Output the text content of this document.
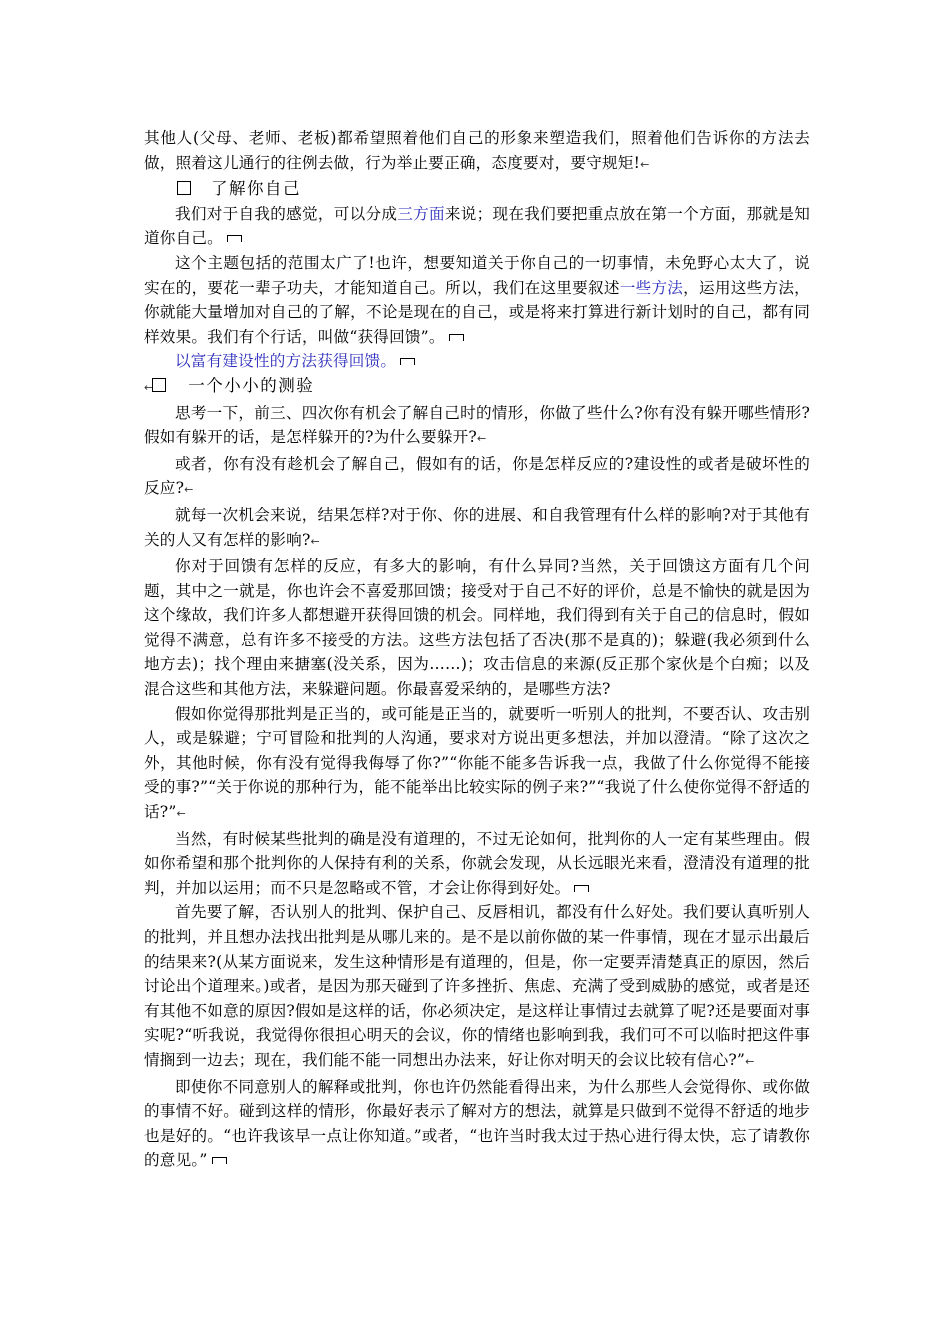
其他人(父母、老师、老板)都希望照着他们自己的形象来塑造我们，照着他们告诉你的方法去做，照着这儿通行的往例去做，行为举止要正确，态度要对，要守规矩!←

了解你自己

我们对于自我的感觉，可以分成三方面来说；现在我们要把重点放在第一个方面，那就是知道你自己。

这个主题包括的范围太广了!也许，想要知道关于你自己的一切事情，未免野心太大了，说实在的，要花一辈子功夫，才能知道自己。所以，我们在这里要叙述一些方法，运用这些方法，你就能大量增加对自己的了解，不论是现在的自己，或是将来打算进行新计划时的自己，都有同样效果。我们有个行话，叫做“获得回馈”。

以富有建设性的方法获得回馈。

← 一个小小的测验

思考一下，前三、四次你有机会了解自己时的情形，你做了些什么?你有没有躲开哪些情形?假如有躲开的话，是怎样躲开的?为什么要躲开?←

或者，你有没有趁机会了解自己，假如有的话，你是怎样反应的?建设性的或者是破坏性的反应?←

就每一次机会来说，结果怎样?对于你、你的进展、和自我管理有什么样的影响?对于其他有关的人又有怎样的影响?←

你对于回馈有怎样的反应，有多大的影响，有什么异同?当然，关于回馈这方面有几个问题，其中之一就是，你也许会不喜爱那回馈；接受对于自己不好的评价，总是不愉快的就是因为这个缘故，我们许多人都想避开获得回馈的机会。同样地，我们得到有关于自己的信息时，假如觉得不满意，总有许多不接受的方法。这些方法包括了否决(那不是真的)；躲避(我必须到什么地方去)；找个理由来搪塞(没关系，因为……)；攻击信息的来源(反正那个家伙是个白痴；以及混合这些和其他方法，来躲避问题。你最喜爱采纳的，是哪些方法?

假如你觉得那批判是正当的，或可能是正当的，就要听一听别人的批判，不要否认、攻击别人，或是躲避；宁可冒险和批判的人沟通，要求对方说出更多想法，并加以澄清。“除了这次之外，其他时候，你有没有觉得我侮辱了你?”“你能不能多告诉我一点，我做了什么你觉得不能接受的事?”“关于你说的那种行为，能不能举出比较实际的例子来?”“我说了什么使你觉得不舒适的话?”←

当然，有时候某些批判的确是没有道理的，不过无论如何，批判你的人一定有某些理由。假如你希望和那个批判你的人保持有利的关系，你就会发现，从长远眼光来看，澄清没有道理的批判，并加以运用；而不只是忽略或不管，才会让你得到好处。

首先要了解，否认别人的批判、保护自己、反唇相讥，都没有什么好处。我们要认真听别人的批判，并且想办法找出批判是从哪儿来的。是不是以前你做的某一件事情，现在才显示出最后的结果来?(从某方面说来，发生这种情形是有道理的，但是，你一定要弄清楚真正的原因，然后讨论出个道理来。)或者，是因为那天碰到了许多挫折、焦虑、充满了受到威胁的感觉，或者是还有其他不如意的原因?假如是这样的话，你必须决定，是这样让事情过去就算了呢?还是要面对事实呢?“听我说，我觉得你很担心明天的会议，你的情绪也影响到我，我们可不可以临时把这件事情搁到一边去；现在，我们能不能一同想出办法来，好让你对明天的会议比较有信心?”←

即使你不同意别人的解释或批判，你也许仍然能看得出来，为什么那些人会觉得你、或你做的事情不好。碰到这样的情形，你最好表示了解对方的想法，就算是只做到不觉得不舒适的地步也是好的。“也许我该早一点让你知道。”或者，“也许当时我太过于热心进行得太快，忘了请教你的意见。”
